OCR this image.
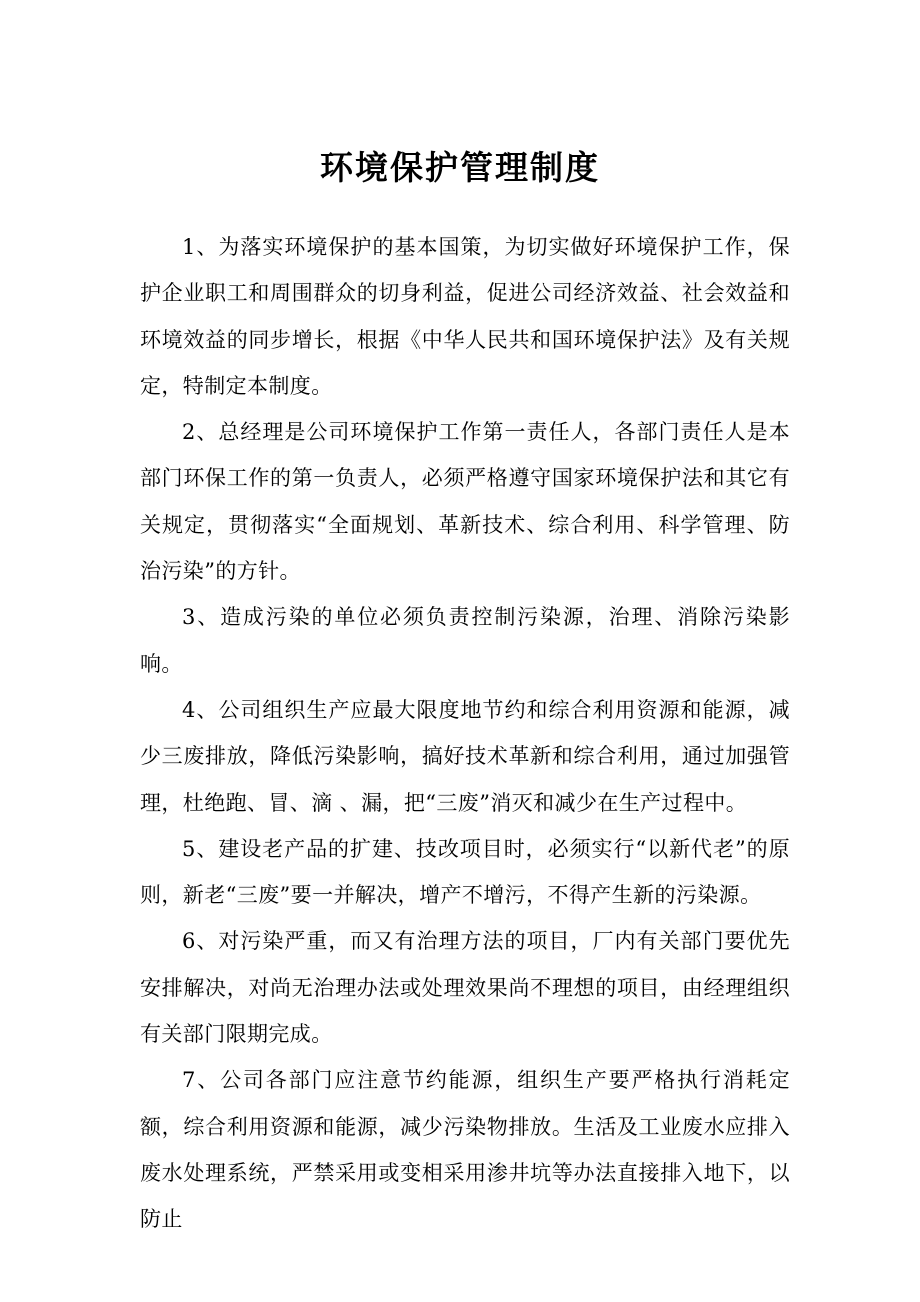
环境保护管理制度

1、为落实环境保护的基本国策，为切实做好环境保护工作，保护企业职工和周围群众的切身利益，促进公司经济效益、社会效益和环境效益的同步增长，根据《中华人民共和国环境保护法》及有关规定，特制定本制度。

2、总经理是公司环境保护工作第一责任人，各部门责任人是本部门环保工作的第一负责人，必须严格遵守国家环境保护法和其它有关规定，贯彻落实“全面规划、革新技术、综合利用、科学管理、防治污染”的方针。

3、造成污染的单位必须负责控制污染源，治理、消除污染影响。

4、公司组织生产应最大限度地节约和综合利用资源和能源，减少三废排放，降低污染影响，搞好技术革新和综合利用，通过加强管理，杜绝跑、冒、滴 、漏，把“三废”消灭和减少在生产过程中。

5、建设老产品的扩建、技改项目时，必须实行“以新代老”的原则，新老“三废”要一并解决，增产不增污，不得产生新的污染源。

6、对污染严重，而又有治理方法的项目，厂内有关部门要优先安排解决，对尚无治理办法或处理效果尚不理想的项目，由经理组织有关部门限期完成。

7、公司各部门应注意节约能源，组织生产要严格执行消耗定额，综合利用资源和能源，减少污染物排放。生活及工业废水应排入废水处理系统，严禁采用或变相采用渗井坑等办法直接排入地下，以防止
